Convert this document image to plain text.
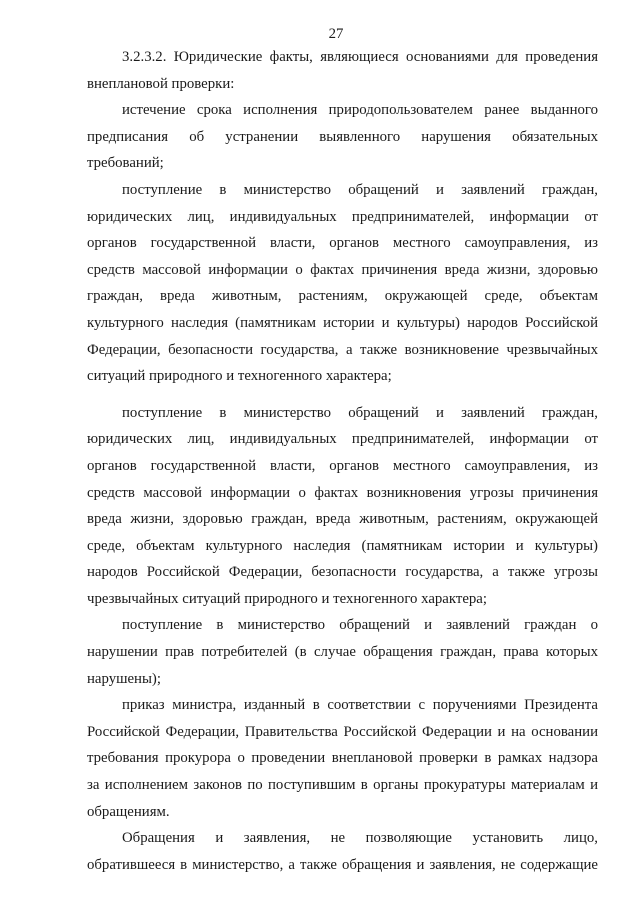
27
3.2.3.2. Юридические факты, являющиеся основаниями для проведения
внеплановой проверки:
истечение срока исполнения природопользователем ранее выданного
предписания об устранении выявленного нарушения обязательных
требований;
поступление в министерство обращений и заявлений граждан,
юридических лиц, индивидуальных предпринимателей, информации от
органов государственной власти, органов местного самоуправления, из
средств массовой информации о фактах причинения вреда жизни, здоровью
граждан, вреда животным, растениям, окружающей среде, объектам
культурного наследия (памятникам истории и культуры) народов Российской
Федерации, безопасности государства, а также возникновение чрезвычайных
ситуаций природного и техногенного характера;
поступление в министерство обращений и заявлений граждан,
юридических лиц, индивидуальных предпринимателей, информации от
органов государственной власти, органов местного самоуправления, из
средств массовой информации о фактах возникновения угрозы причинения
вреда жизни, здоровью граждан, вреда животным, растениям, окружающей
среде, объектам культурного наследия (памятникам истории и культуры)
народов Российской Федерации, безопасности государства, а также угрозы
чрезвычайных ситуаций природного и техногенного характера;
поступление в министерство обращений и заявлений граждан о
нарушении прав потребителей (в случае обращения граждан, права которых
нарушены);
приказ министра, изданный в соответствии с поручениями Президента
Российской Федерации, Правительства Российской Федерации и на основании
требования прокурора о проведении внеплановой проверки в рамках надзора
за исполнением законов по поступившим в органы прокуратуры материалам и
обращениям.
Обращения и заявления, не позволяющие установить лицо,
обратившееся в министерство, а также обращения и заявления, не содержащие
